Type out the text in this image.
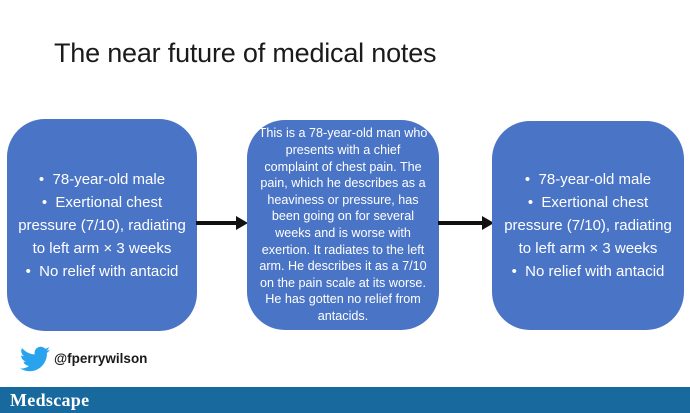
The near future of medical notes
•  78-year-old male
•  Exertional chest pressure (7/10), radiating to left arm × 3 weeks
•  No relief with antacid

This is a 78-year-old man who presents with a chief complaint of chest pain. The pain, which he describes as a heaviness or pressure, has been going on for several weeks and is worse with exertion. It radiates to the left arm. He describes it as a 7/10 on the pain scale at its worse. He has gotten no relief from antacids.

•  78-year-old male
•  Exertional chest pressure (7/10), radiating to left arm × 3 weeks
•  No relief with antacid
@fperrywilson
Medscape
